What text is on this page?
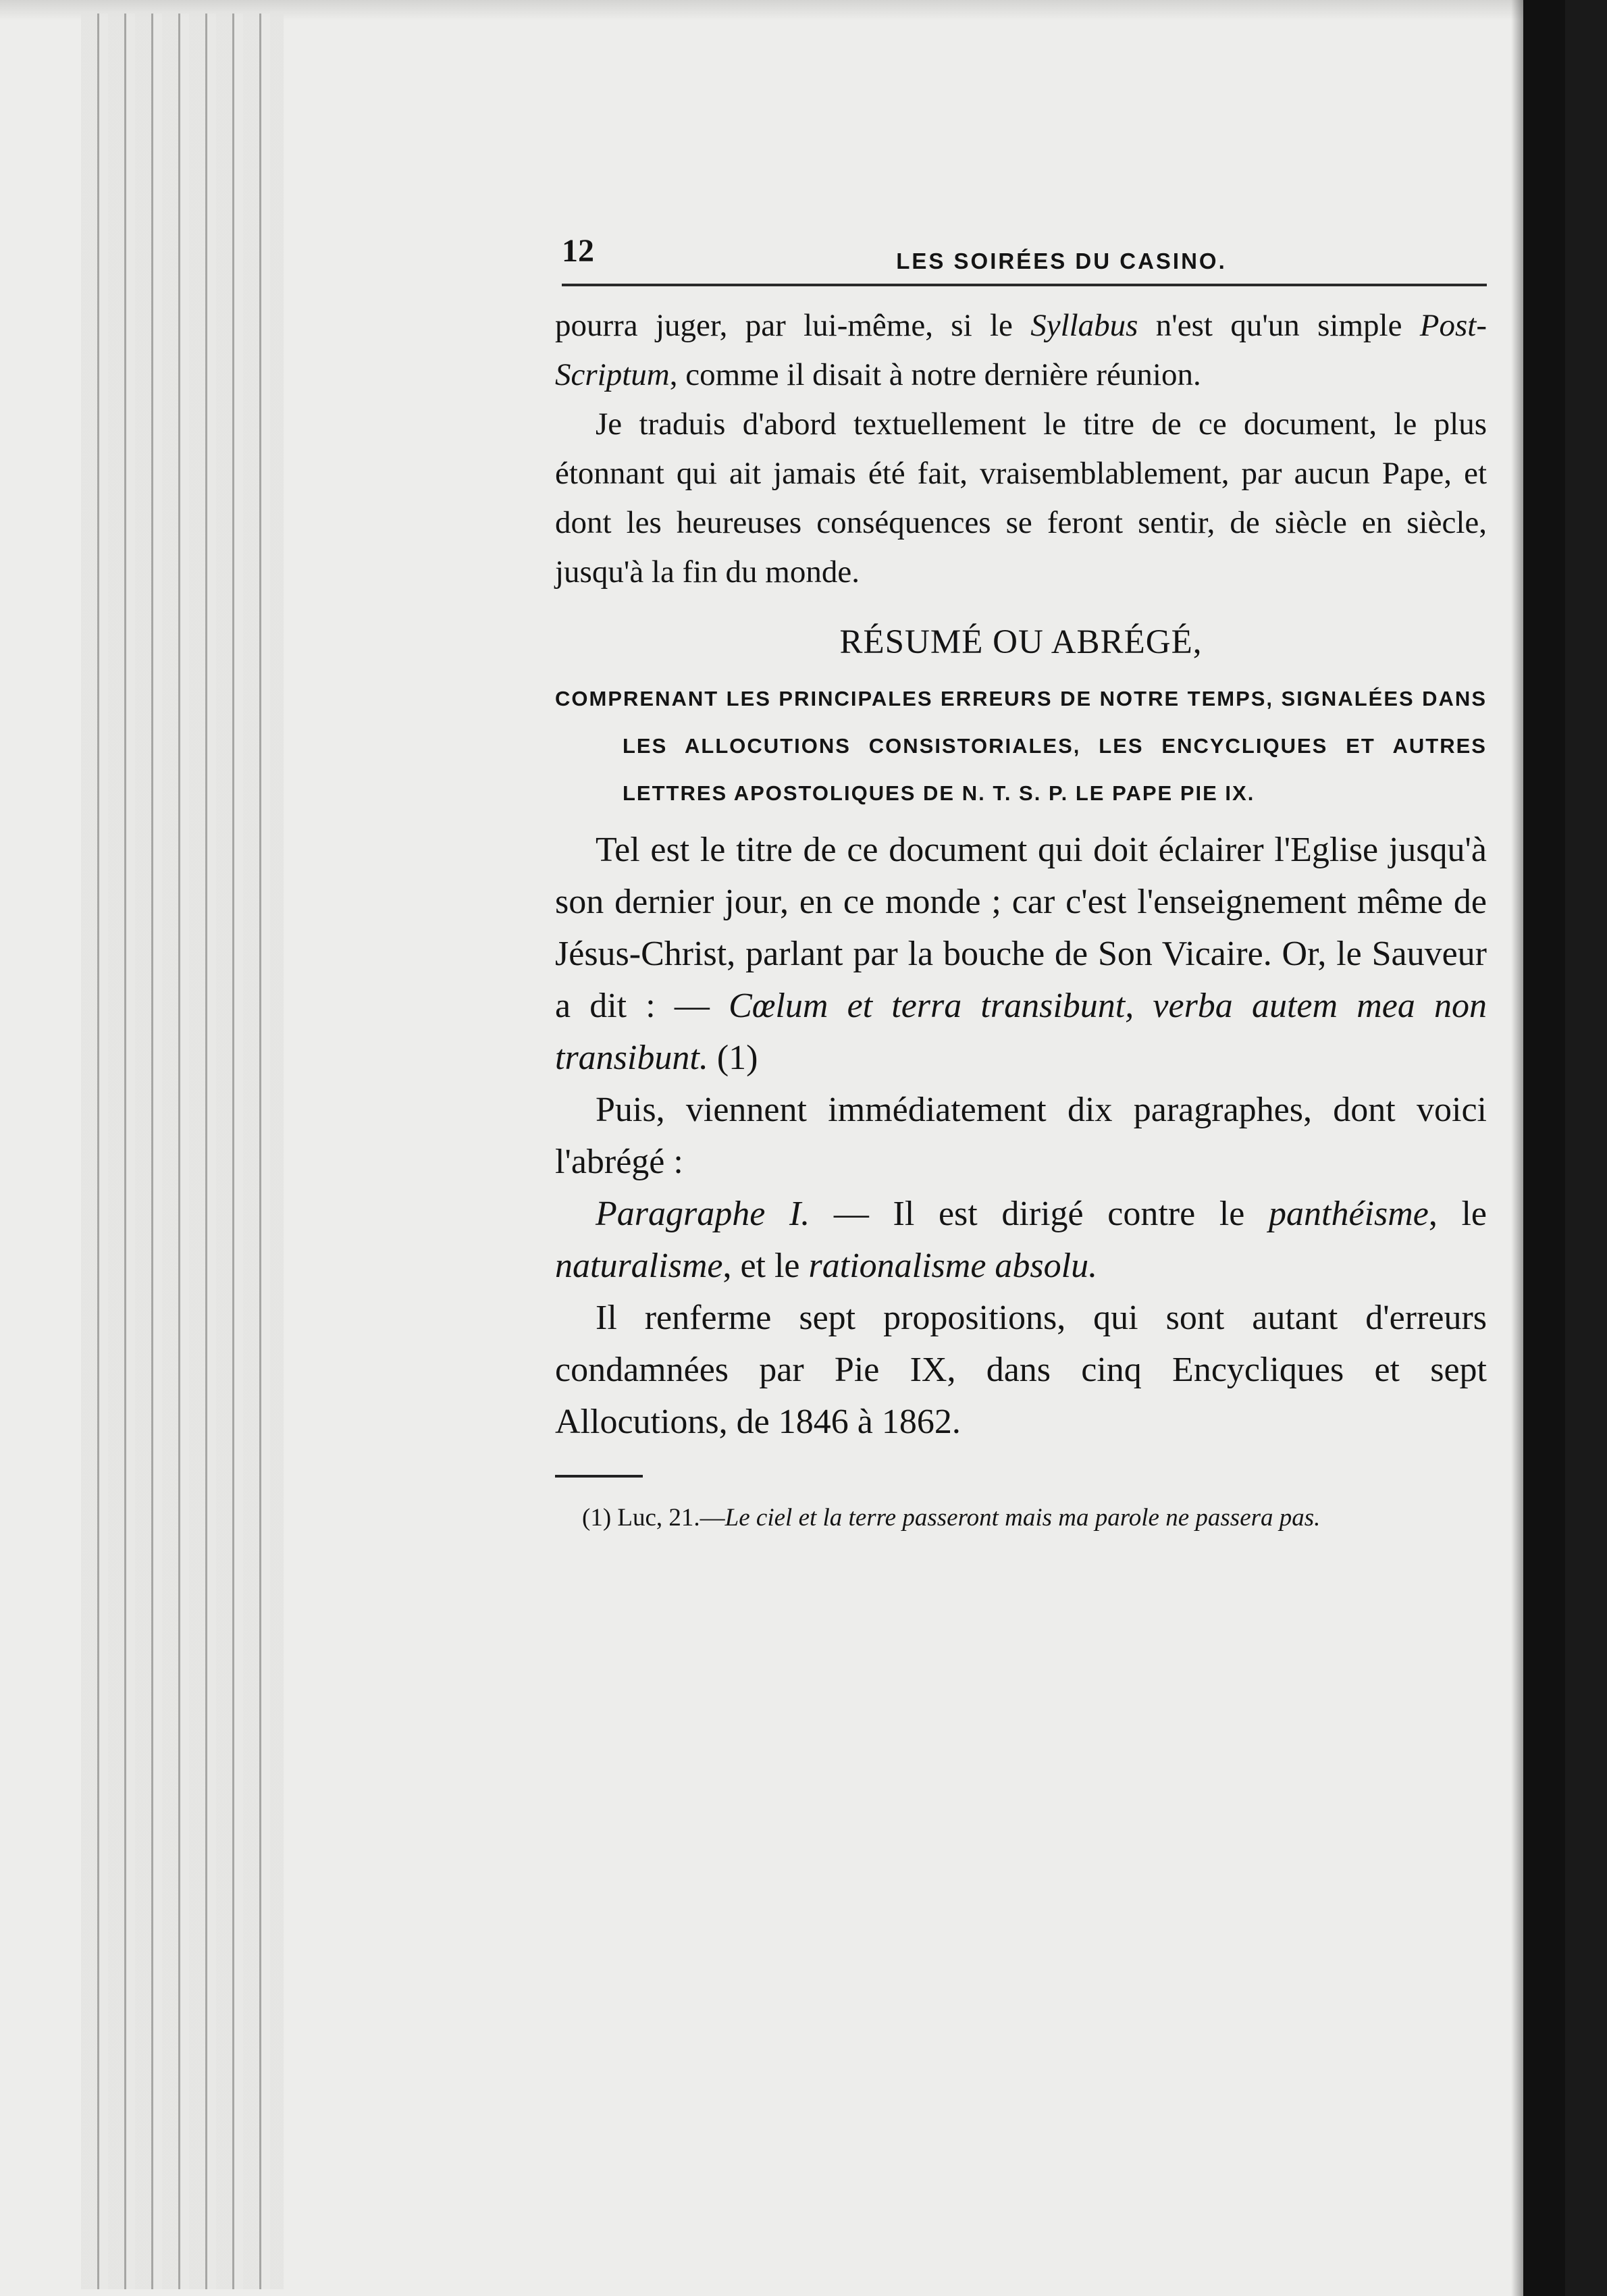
12	LES SOIRÉES DU CASINO.

pourra juger, par lui-même, si le Syllabus n'est qu'un simple Post-Scriptum, comme il disait à notre dernière réunion.

Je traduis d'abord textuellement le titre de ce document, le plus étonnant qui ait jamais été fait, vraisemblablement, par aucun Pape, et dont les heureuses conséquences se feront sentir, de siècle en siècle, jusqu'à la fin du monde.

RÉSUMÉ OU ABRÉGÉ,

COMPRENANT LES PRINCIPALES ERREURS DE NOTRE TEMPS, SIGNALÉES DANS LES ALLOCUTIONS CONSISTORIALES, LES ENCYCLIQUES ET AUTRES LETTRES APOSTOLIQUES DE N. T. S. P. LE PAPE PIE IX.

Tel est le titre de ce document qui doit éclairer l'Eglise jusqu'à son dernier jour, en ce monde ; car c'est l'enseignement même de Jésus-Christ, parlant par la bouche de Son Vicaire. Or, le Sauveur a dit : — Cœlum et terra transibunt, verba autem mea non transibunt. (1)

Puis, viennent immédiatement dix paragraphes, dont voici l'abrégé :

Paragraphe I. — Il est dirigé contre le panthéisme, le naturalisme, et le rationalisme absolu.

Il renferme sept propositions, qui sont autant d'erreurs condamnées par Pie IX, dans cinq Encycliques et sept Allocutions, de 1846 à 1862.

(1) Luc, 21.—Le ciel et la terre passeront mais ma parole ne passera pas.
